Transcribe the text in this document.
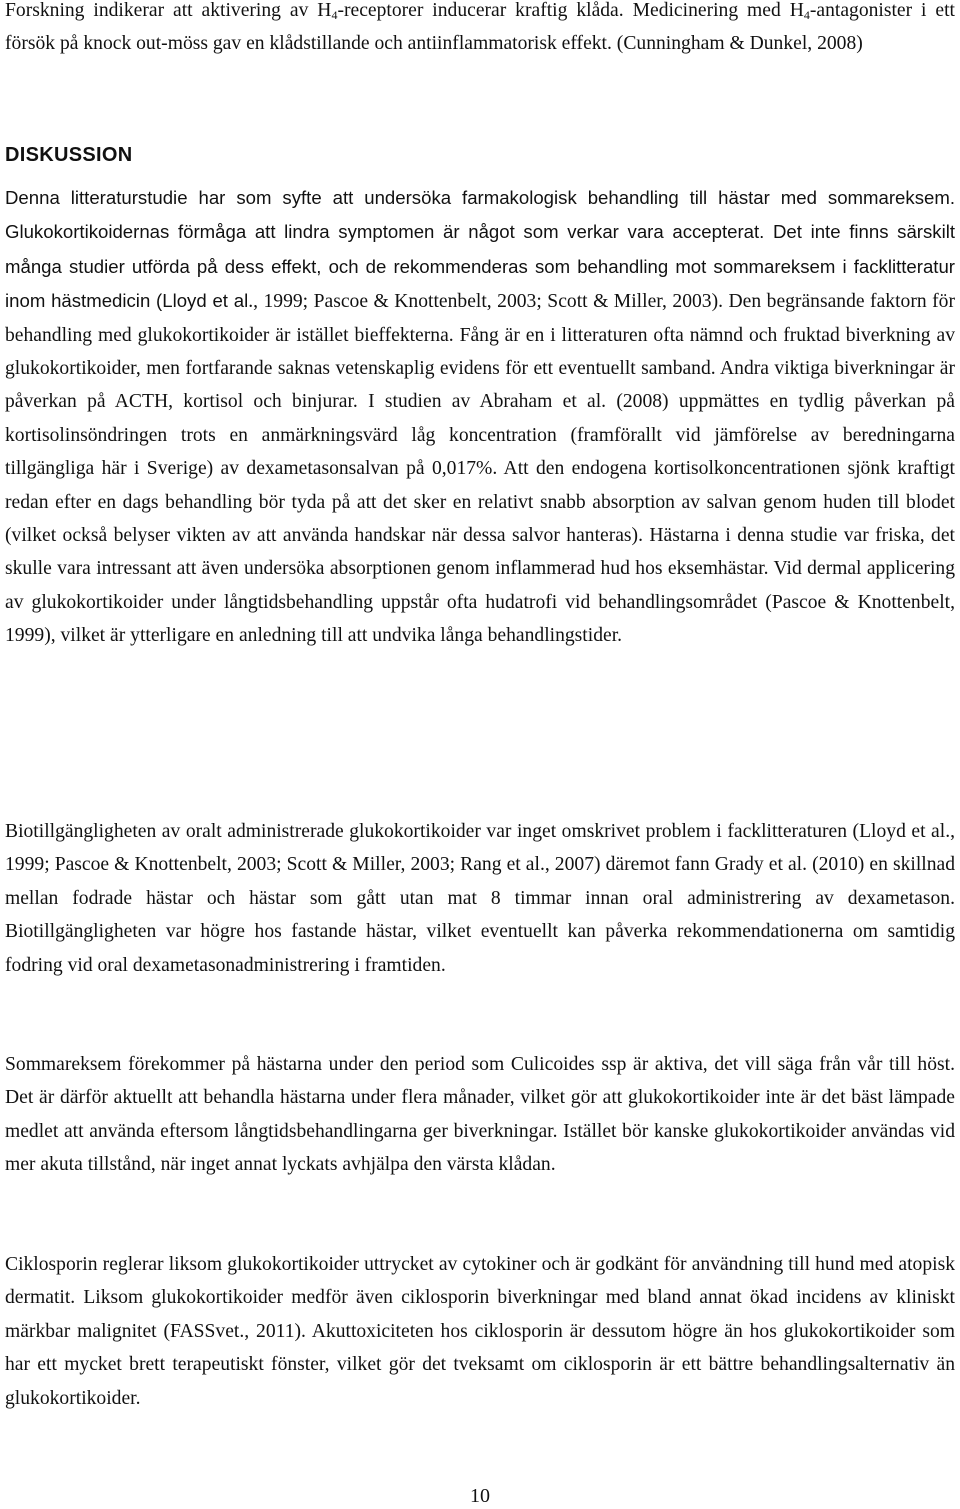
Forskning indikerar att aktivering av $H_4$-receptorer inducerar kraftig klåda. Medicinering med $H_4$-antagonister i ett försök på knock out-möss gav en klådstillande och antiinflammatorisk effekt. (Cunningham & Dunkel, 2008)

DISKUSSION

Denna litteraturstudie har som syfte att undersöka farmakologisk behandling till hästar med sommareksem. Glukokortikoidernas förmåga att lindra symptomen är något som verkar vara accepterat. Det inte finns särskilt många studier utförda på dess effekt, och de rekommenderas som behandling mot sommareksem i facklitteratur inom hästmedicin (Lloyd et al., 1999; Pascoe & Knottenbelt, 2003; Scott & Miller, 2003). Den begränsande faktorn för behandling med glukokortikoider är istället bieffekterna. Fång är en i litteraturen ofta nämnd och fruktad biverkning av glukokortikoider, men fortfarande saknas vetenskaplig evidens för ett eventuellt samband. Andra viktiga biverkningar är påverkan på ACTH, kortisol och binjurar. I studien av Abraham et al. (2008) uppmättes en tydlig påverkan på kortisolinsöndringen trots en anmärkningsvärd låg koncentration (framförallt vid jämförelse av beredningarna tillgängliga här i Sverige) av dexametasonsalvan på 0,017%. Att den endogena kortisolkoncentrationen sjönk kraftigt redan efter en dags behandling bör tyda på att det sker en relativt snabb absorption av salvan genom huden till blodet (vilket också belyser vikten av att använda handskar när dessa salvor hanteras). Hästarna i denna studie var friska, det skulle vara intressant att även undersöka absorptionen genom inflammerad hud hos eksemhästar. Vid dermal applicering av glukokortikoider under långtidsbehandling uppstår ofta hudatrofi vid behandlingsområdet (Pascoe & Knottenbelt, 1999), vilket är ytterligare en anledning till att undvika långa behandlingstider.

Biotillgängligheten av oralt administrerade glukokortikoider var inget omskrivet problem i facklitteraturen (Lloyd et al., 1999; Pascoe & Knottenbelt, 2003; Scott & Miller, 2003; Rang et al., 2007) däremot fann Grady et al. (2010) en skillnad mellan fodrade hästar och hästar som gått utan mat 8 timmar innan oral administrering av dexametason. Biotillgängligheten var högre hos fastande hästar, vilket eventuellt kan påverka rekommendationerna om samtidig fodring vid oral dexametasonadministrering i framtiden.

Sommareksem förekommer på hästarna under den period som Culicoides ssp är aktiva, det vill säga från vår till höst. Det är därför aktuellt att behandla hästarna under flera månader, vilket gör att glukokortikoider inte är det bäst lämpade medlet att använda eftersom långtidsbehandlingarna ger biverkningar. Istället bör kanske glukokortikoider användas vid mer akuta tillstånd, när inget annat lyckats avhjälpa den värsta klådan.

Ciklosporin reglerar liksom glukokortikoider uttrycket av cytokiner och är godkänt för användning till hund med atopisk dermatit. Liksom glukokortikoider medför även ciklosporin biverkningar med bland annat ökad incidens av kliniskt märkbar malignitet (FASSvet., 2011). Akuttoxiciteten hos ciklosporin är dessutom högre än hos glukokortikoider som har ett mycket brett terapeutiskt fönster, vilket gör det tveksamt om ciklosporin är ett bättre behandlingsalternativ än glukokortikoider.

10
